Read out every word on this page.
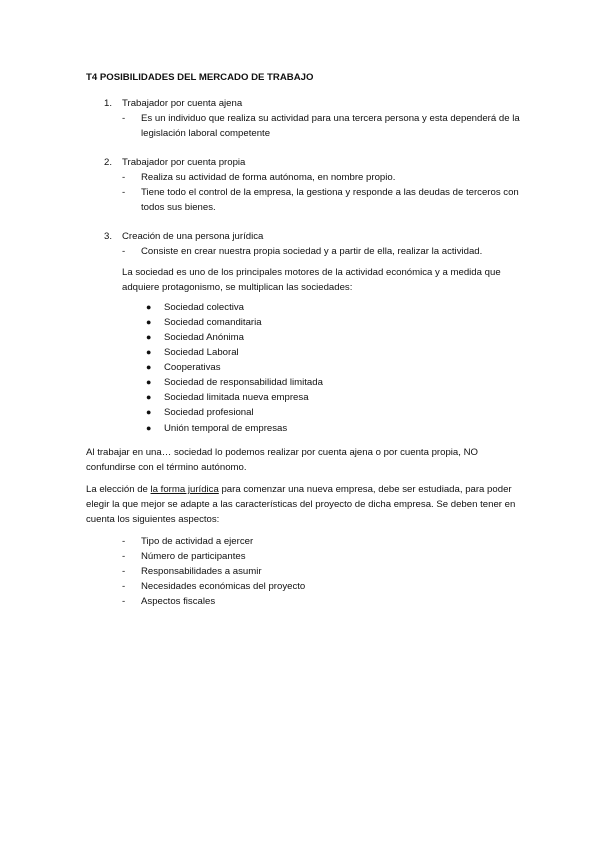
T4 POSIBILIDADES DEL MERCADO DE TRABAJO
1. Trabajador por cuenta ajena
- Es un individuo que realiza su actividad para una tercera persona y esta dependerá de la legislación laboral competente
2. Trabajador por cuenta propia
- Realiza su actividad de forma autónoma, en nombre propio.
- Tiene todo el control de la empresa, la gestiona y responde a las deudas de terceros con todos sus bienes.
3. Creación de una persona jurídica
- Consiste en crear nuestra propia sociedad y a partir de ella, realizar la actividad.
La sociedad es uno de los principales motores de la actividad económica y a medida que adquiere protagonismo, se multiplican las sociedades:
● Sociedad colectiva
● Sociedad comanditaria
● Sociedad Anónima
● Sociedad Laboral
● Cooperativas
● Sociedad de responsabilidad limitada
● Sociedad limitada nueva empresa
● Sociedad profesional
● Unión temporal de empresas
Al trabajar en una… sociedad lo podemos realizar por cuenta ajena o por cuenta propia, NO confundirse con el término autónomo.
La elección de la forma jurídica para comenzar una nueva empresa, debe ser estudiada, para poder elegir la que mejor se adapte a las características del proyecto de dicha empresa. Se deben tener en cuenta los siguientes aspectos:
- Tipo de actividad a ejercer
- Número de participantes
- Responsabilidades a asumir
- Necesidades económicas del proyecto
- Aspectos fiscales
